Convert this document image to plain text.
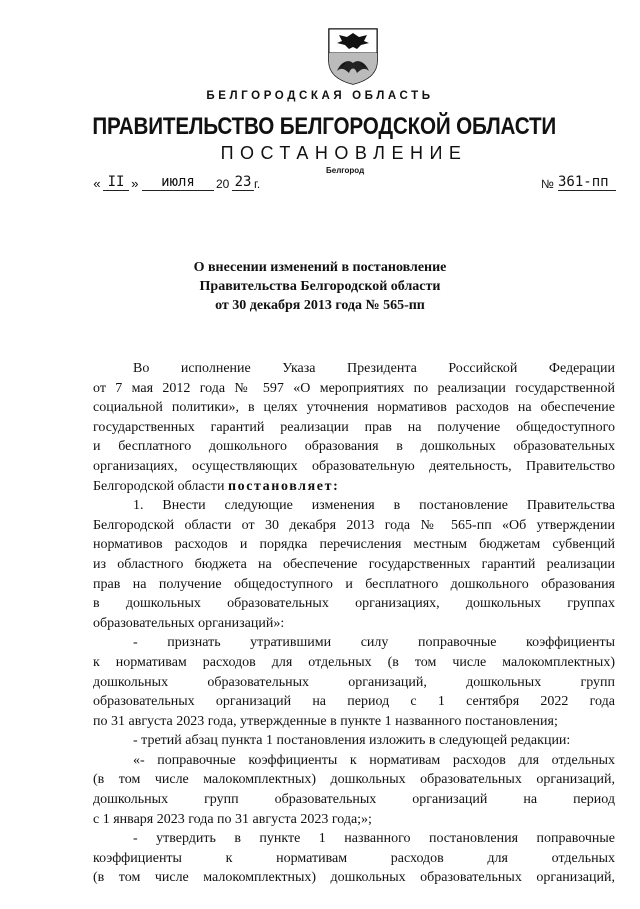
БЕЛГОРОДСКАЯ ОБЛАСТЬ
ПРАВИТЕЛЬСТВО БЕЛГОРОДСКОЙ ОБЛАСТИ
ПОСТАНОВЛЕНИЕ
Белгород
« II »	июля	20 23 г.	№ 361-пп
О внесении изменений в постановление
Правительства Белгородской области
от 30 декабря 2013 года № 565-пп

Во исполнение Указа Президента Российской Федерации

от 7 мая 2012 года № 597 «О мероприятиях по реализации государственной

социальной политики», в целях уточнения нормативов расходов на обеспечение

государственных гарантий реализации прав на получение общедоступного

и бесплатного дошкольного образования в дошкольных образовательных

организациях, осуществляющих образовательную деятельность, Правительство

Белгородской области постановляет:

1. Внести следующие изменения в постановление Правительства

Белгородской области от 30 декабря 2013 года № 565-пп «Об утверждении

нормативов расходов и порядка перечисления местным бюджетам субвенций

из областного бюджета на обеспечение государственных гарантий реализации

прав на получение общедоступного и бесплатного дошкольного образования

в дошкольных образовательных организациях, дошкольных группах

образовательных организаций»:

- признать утратившими силу поправочные коэффициенты

к нормативам расходов для отдельных (в том числе малокомплектных)

дошкольных образовательных организаций, дошкольных групп

образовательных организаций на период с 1 сентября 2022 года

по 31 августа 2023 года, утвержденные в пункте 1 названного постановления;

- третий абзац пункта 1 постановления изложить в следующей редакции:

«- поправочные коэффициенты к нормативам расходов для отдельных

(в том числе малокомплектных) дошкольных образовательных организаций,

дошкольных групп образовательных организаций на период

с 1 января 2023 года по 31 августа 2023 года;»;

- утвердить в пункте 1 названного постановления поправочные

коэффициенты к нормативам расходов для отдельных

(в том числе малокомплектных) дошкольных образовательных организаций,
